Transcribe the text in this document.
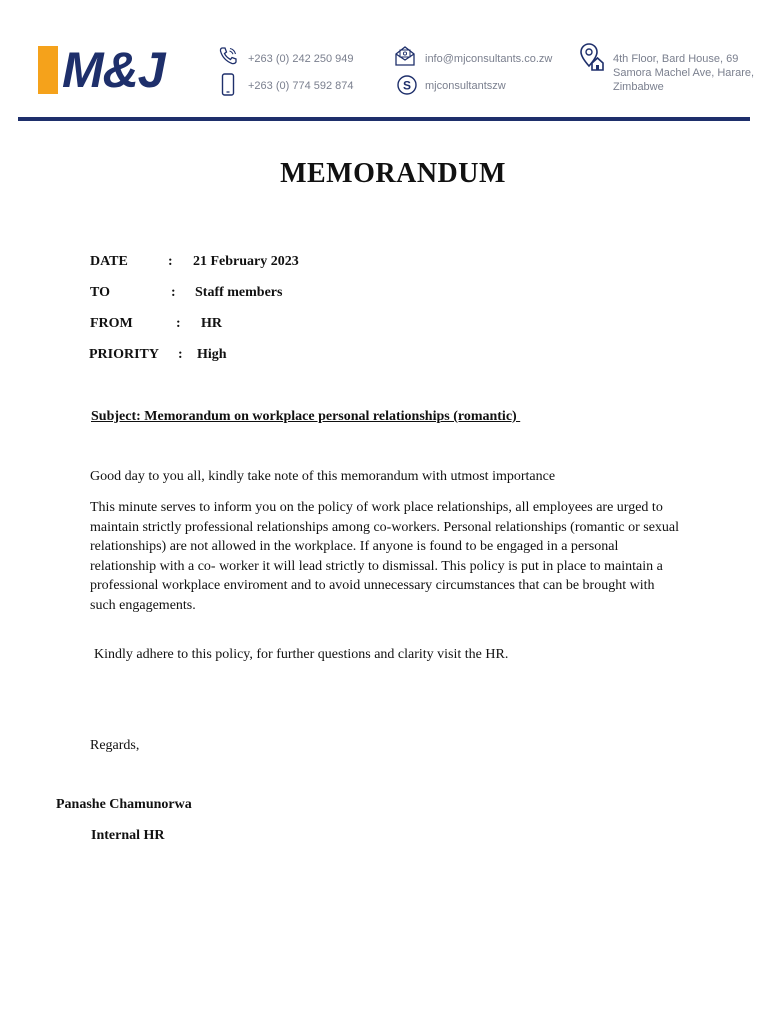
M&J	+263 (0) 242 250 949
+263 (0) 774 592 874
info@mjconsultants.co.zw
S mjconsultantszw
4th Floor, Bard House, 69
Samora Machel Ave, Harare,
Zimbabwe
MEMORANDUM
DATE	: 21 February 2023
TO	: Staff members
FROM	: HR
PRIORITY : High
Subject: Memorandum on workplace personal relationships (romantic)
Good day to you all, kindly take note of this memorandum with utmost importance
This minute serves to inform you on the policy of work place relationships, all employees are urged to maintain strictly professional relationships among co-workers. Personal relationships (romantic or sexual relationships) are not allowed in the workplace. If anyone is found to be engaged in a personal relationship with a co- worker it will lead strictly to dismissal. This policy is put in place to maintain a professional workplace enviroment and to avoid unnecessary circumstances that can be brought with such engagements.
Kindly adhere to this policy, for further questions and clarity visit the HR.
Regards,
Panashe Chamunorwa
Internal HR
